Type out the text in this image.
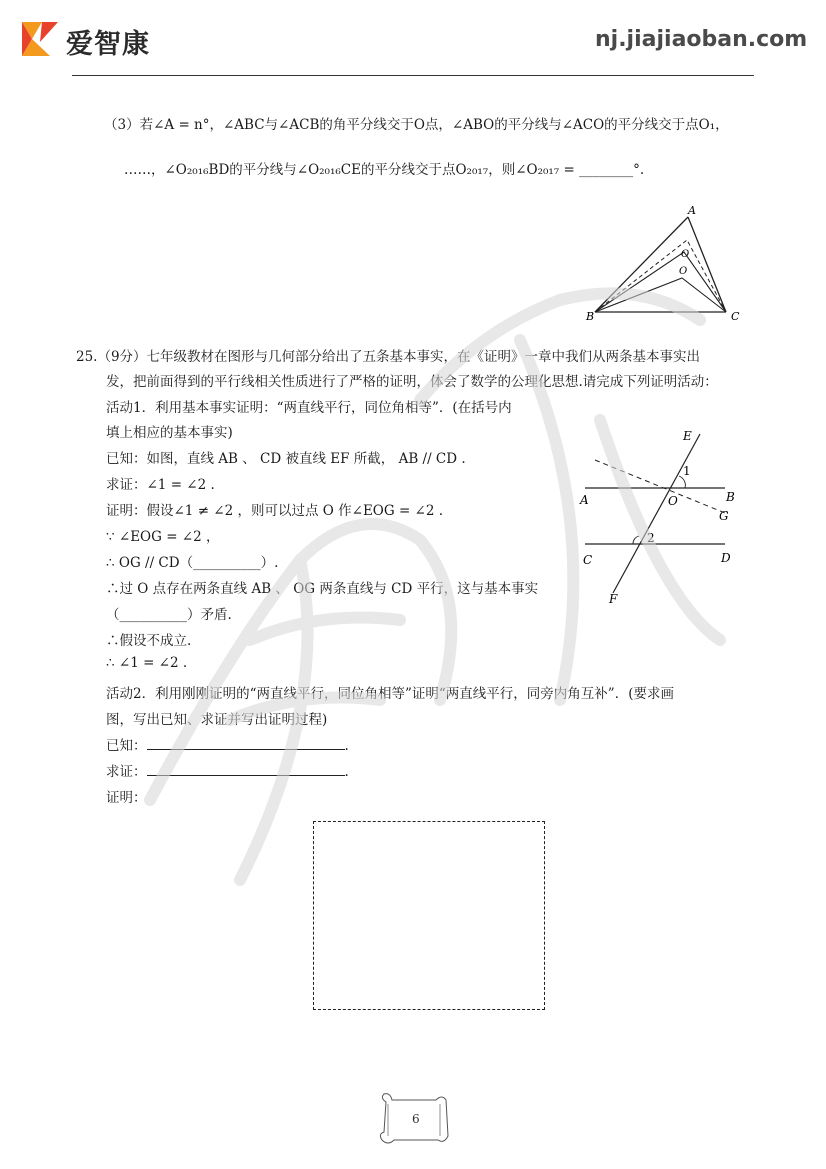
爱智康	nj.jiajiaoban.com
（3）若∠A = n°，∠ABC与∠ACB的角平分线交于O点，∠ABO的平分线与∠ACO的平分线交于点O₁，
……，∠O₂₀₁₆BD的平分线与∠O₂₀₁₆CE的平分线交于点O₂₀₁₇，则∠O₂₀₁₇ = ________°.
A
B	C
O
O
25.（9分）七年级教材在图形与几何部分给出了五条基本事实，在《证明》一章中我们从两条基本事实出
发，把前面得到的平行线相关性质进行了严格的证明，体会了数学的公理化思想.请完成下列证明活动：
活动1．利用基本事实证明：“两直线平行，同位角相等”．(在括号内
填上相应的基本事实)
已知：如图，直线 AB 、 CD 被直线 EF 所截， AB // CD .
求证：∠1 = ∠2 .
证明：假设∠1 ≠ ∠2 ，则可以过点 O 作∠EOG = ∠2 .
∵ ∠EOG = ∠2 ，
∴ OG // CD（__________）.
∴过 O 点存在两条直线 AB 、 OG 两条直线与 CD 平行，这与基本事实
（__________）矛盾.
∴假设不成立.
∴ ∠1 = ∠2 .
活动2．利用刚刚证明的“两直线平行，同位角相等”证明“两直线平行，同旁内角互补”．(要求画
图，写出已知、求证并写出证明过程)
已知：	.
求证：	.
证明：
E
A	O	B
G
C	D
F
1
2
6
